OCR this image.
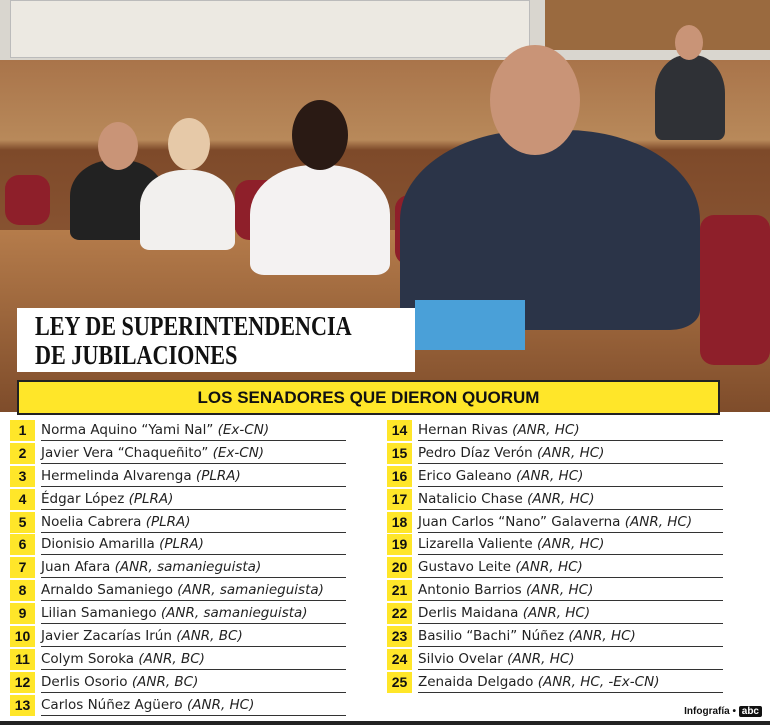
LEY DE SUPERINTENDENCIA
DE JUBILACIONES
LOS SENADORES QUE DIERON QUORUM
1	Norma Aquino “Yami Nal” (Ex-CN)
2	Javier Vera “Chaqueñito” (Ex-CN)
3	Hermelinda Alvarenga (PLRA)
4	Édgar López (PLRA)
5	Noelia Cabrera (PLRA)
6	Dionisio Amarilla (PLRA)
7	Juan Afara (ANR, samanieguista)
8	Arnaldo Samaniego (ANR, samanieguista)
9	Lilian Samaniego (ANR, samanieguista)
10 Javier Zacarías Irún (ANR, BC)
11 Colym Soroka (ANR, BC)
12 Derlis Osorio (ANR, BC)
13 Carlos Núñez Agüero (ANR, HC)
14 Hernan Rivas (ANR, HC)
15 Pedro Díaz Verón (ANR, HC)
16 Erico Galeano (ANR, HC)
17 Natalicio Chase (ANR, HC)
18 Juan Carlos “Nano” Galaverna (ANR, HC)
19 Lizarella Valiente (ANR, HC)
20 Gustavo Leite (ANR, HC)
21 Antonio Barrios (ANR, HC)
22 Derlis Maidana (ANR, HC)
23 Basilio “Bachi” Núñez (ANR, HC)
24 Silvio Ovelar (ANR, HC)
25 Zenaida Delgado (ANR, HC, -Ex-CN)
Infografía • abc
